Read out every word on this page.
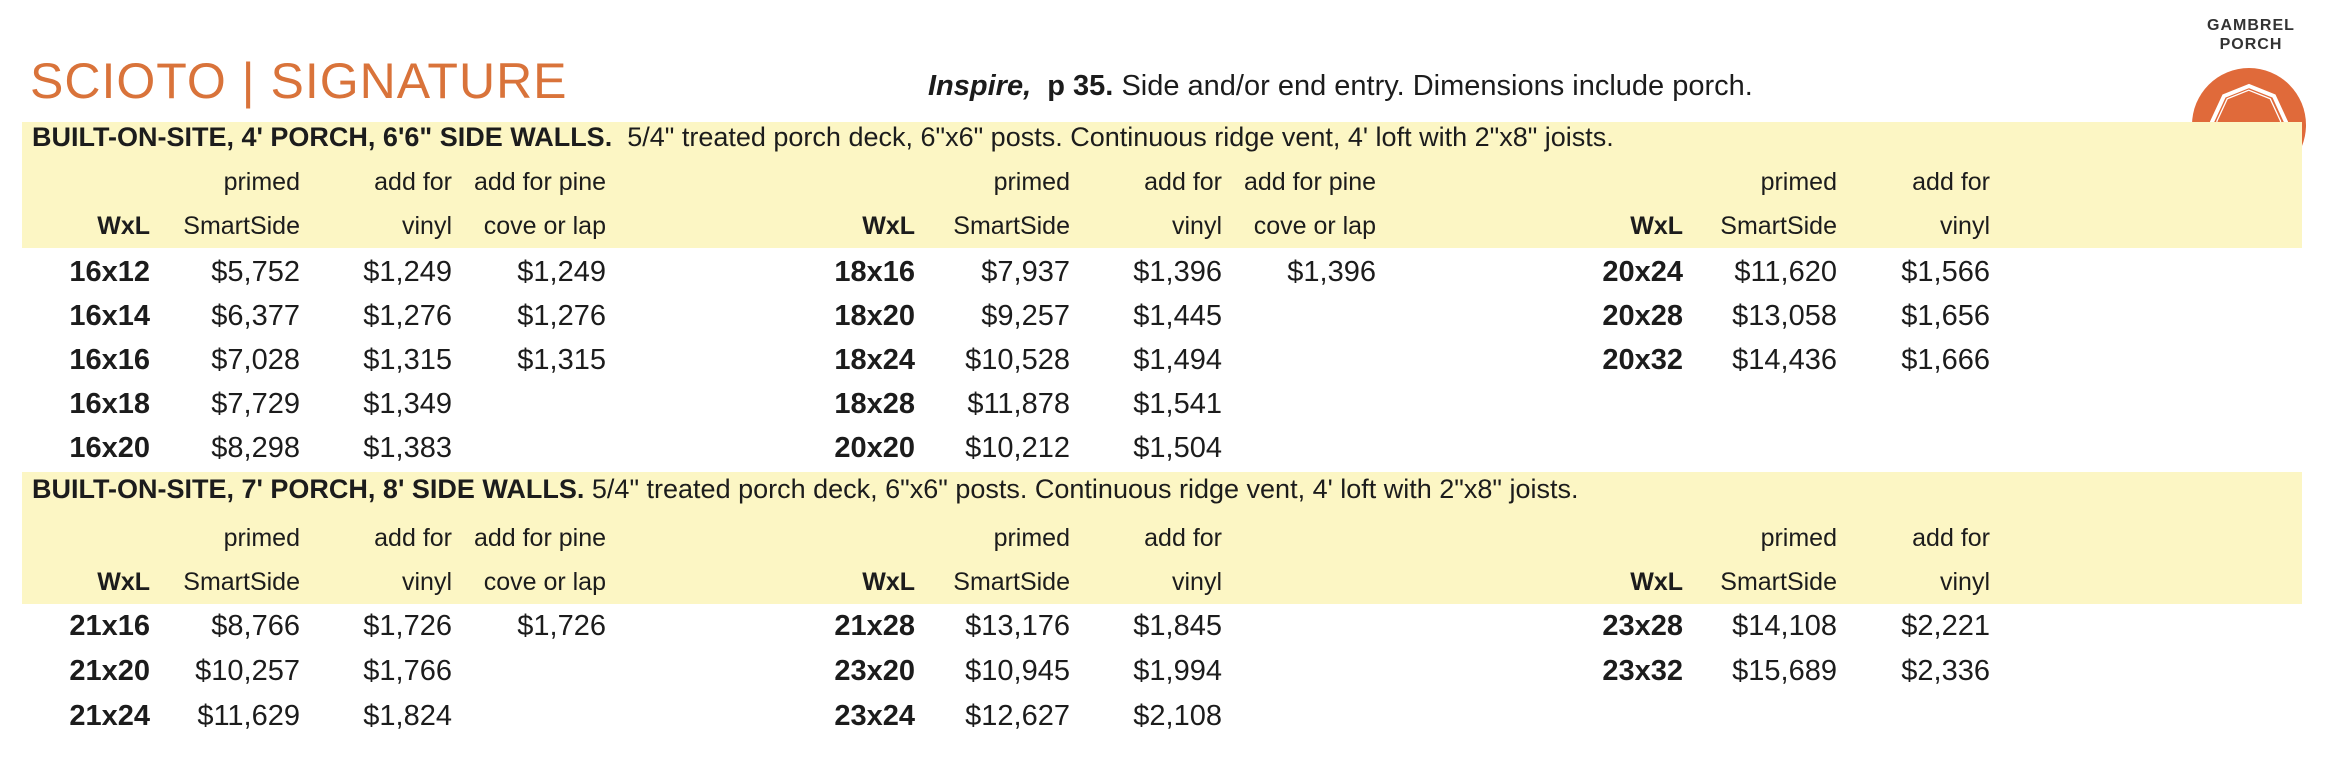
SCIOTO | SIGNATURE	Inspire, p 35. Side and/or end entry. Dimensions include porch.
GAMBREL PORCH
BUILT-ON-SITE, 4' PORCH, 6'6" SIDE WALLS. 5/4" treated porch deck, 6"x6" posts. Continuous ridge vent, 4' loft with 2"x8" joists.
BUILT-ON-SITE, 7' PORCH, 8' SIDE WALLS. 5/4" treated porch deck, 6"x6" posts. Continuous ridge vent, 4' loft with 2"x8" joists.
WxL
primed
SmartSide
add for
vinyl
add for pine
cove or lap
16x12 $5,752 $1,249 $1,249
16x14 $6,377 $1,276 $1,276
16x16 $7,028 $1,315 $1,315
16x18 $7,729 $1,349
16x20 $8,298 $1,383
WxL
primed
SmartSide
add for
vinyl
add for pine
cove or lap
18x16 $7,937 $1,396 $1,396
18x20 $9,257 $1,445
18x24 $10,528 $1,494
18x28 $11,878 $1,541
20x20 $10,212 $1,504
WxL
primed
SmartSide
add for
vinyl
20x24 $11,620 $1,566
20x28 $13,058 $1,656
20x32 $14,436 $1,666
WxL
primed
SmartSide
add for
vinyl
add for pine
cove or lap
21x16 $8,766 $1,726 $1,726
21x20 $10,257 $1,766
21x24 $11,629 $1,824
WxL
primed
SmartSide
add for
vinyl
21x28 $13,176 $1,845
23x20 $10,945 $1,994
23x24 $12,627 $2,108
WxL
primed
SmartSide
add for
vinyl
23x28 $14,108 $2,221
23x32 $15,689 $2,336
